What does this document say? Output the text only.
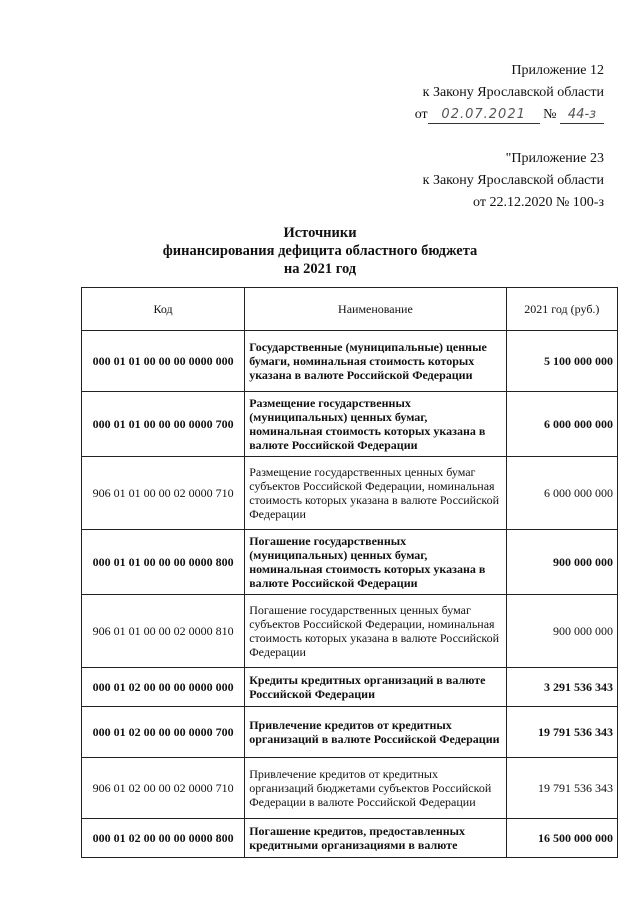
Приложение 12
к Закону Ярославской области
от 02.07.2021 № 44-з
"Приложение 23
к Закону Ярославской области
от 22.12.2020 № 100-з
Источники
финансирования дефицита областного бюджета
на 2021 год
Код	Наименование	2021 год (руб.)
000 01 01 00 00 00 0000 000	Государственные (муниципальные) ценные бумаги, номинальная стоимость которых указана в валюте Российской Федерации	5 100 000 000
000 01 01 00 00 00 0000 700	Размещение государственных (муниципальных) ценных бумаг, номинальная стоимость которых указана в валюте Российской Федерации	6 000 000 000
906 01 01 00 00 02 0000 710	Размещение государственных ценных бумаг субъектов Российской Федерации, номинальная стоимость которых указана в валюте Российской Федерации	6 000 000 000
000 01 01 00 00 00 0000 800	Погашение государственных (муниципальных) ценных бумаг, номинальная стоимость которых указана в валюте Российской Федерации	900 000 000
906 01 01 00 00 02 0000 810	Погашение государственных ценных бумаг субъектов Российской Федерации, номинальная стоимость которых указана в валюте Российской Федерации	900 000 000
000 01 02 00 00 00 0000 000	Кредиты кредитных организаций в валюте Российской Федерации	3 291 536 343
000 01 02 00 00 00 0000 700	Привлечение кредитов от кредитных организаций в валюте Российской Федерации	19 791 536 343
906 01 02 00 00 02 0000 710	Привлечение кредитов от кредитных организаций бюджетами субъектов Российской Федерации в валюте Российской Федерации	19 791 536 343
000 01 02 00 00 00 0000 800	Погашение кредитов, предоставленных кредитными организациями в валюте	16 500 000 000
